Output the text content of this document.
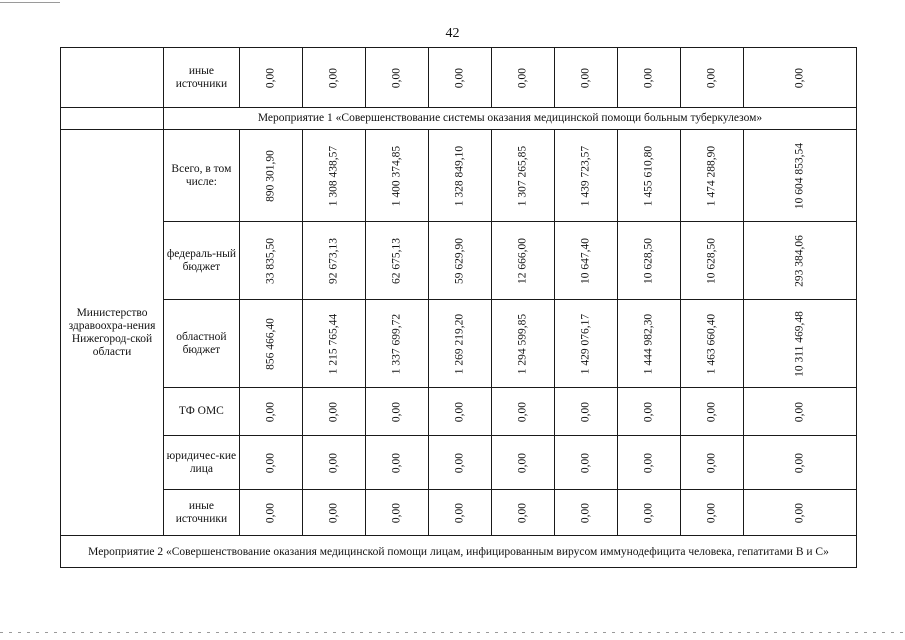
42
	иные источники	0,00	0,00	0,00	0,00	0,00	0,00	0,00	0,00	0,00

	Мероприятие 1 «Совершенствование системы оказания медицинской помощи больным туберкулезом»									
Министерство здравоохра-нения Нижегород-ской области	Всего, в том числе:	890 301,90	1 308 438,57	1 400 374,85	1 328 849,10	1 307 265,85	1 439 723,57	1 455 610,80	1 474 288,90	10 604 853,54

	федераль-ный бюджет	33 835,50	92 673,13	62 675,13	59 629,90	12 666,00	10 647,40	10 628,50	10 628,50	293 384,06

	областной бюджет	856 466,40	1 215 765,44	1 337 699,72	1 269 219,20	1 294 599,85	1 429 076,17	1 444 982,30	1 463 660,40	10 311 469,48

	ТФ ОМС	0,00	0,00	0,00	0,00	0,00	0,00	0,00	0,00	0,00

	юридичес-кие лица	0,00	0,00	0,00	0,00	0,00	0,00	0,00	0,00	0,00

	иные источники	0,00	0,00	0,00	0,00	0,00	0,00	0,00	0,00	0,00

Мероприятие 2 «Совершенствование оказания медицинской помощи лицам, инфицированным вирусом иммунодефицита человека, гепатитами В и С»										
